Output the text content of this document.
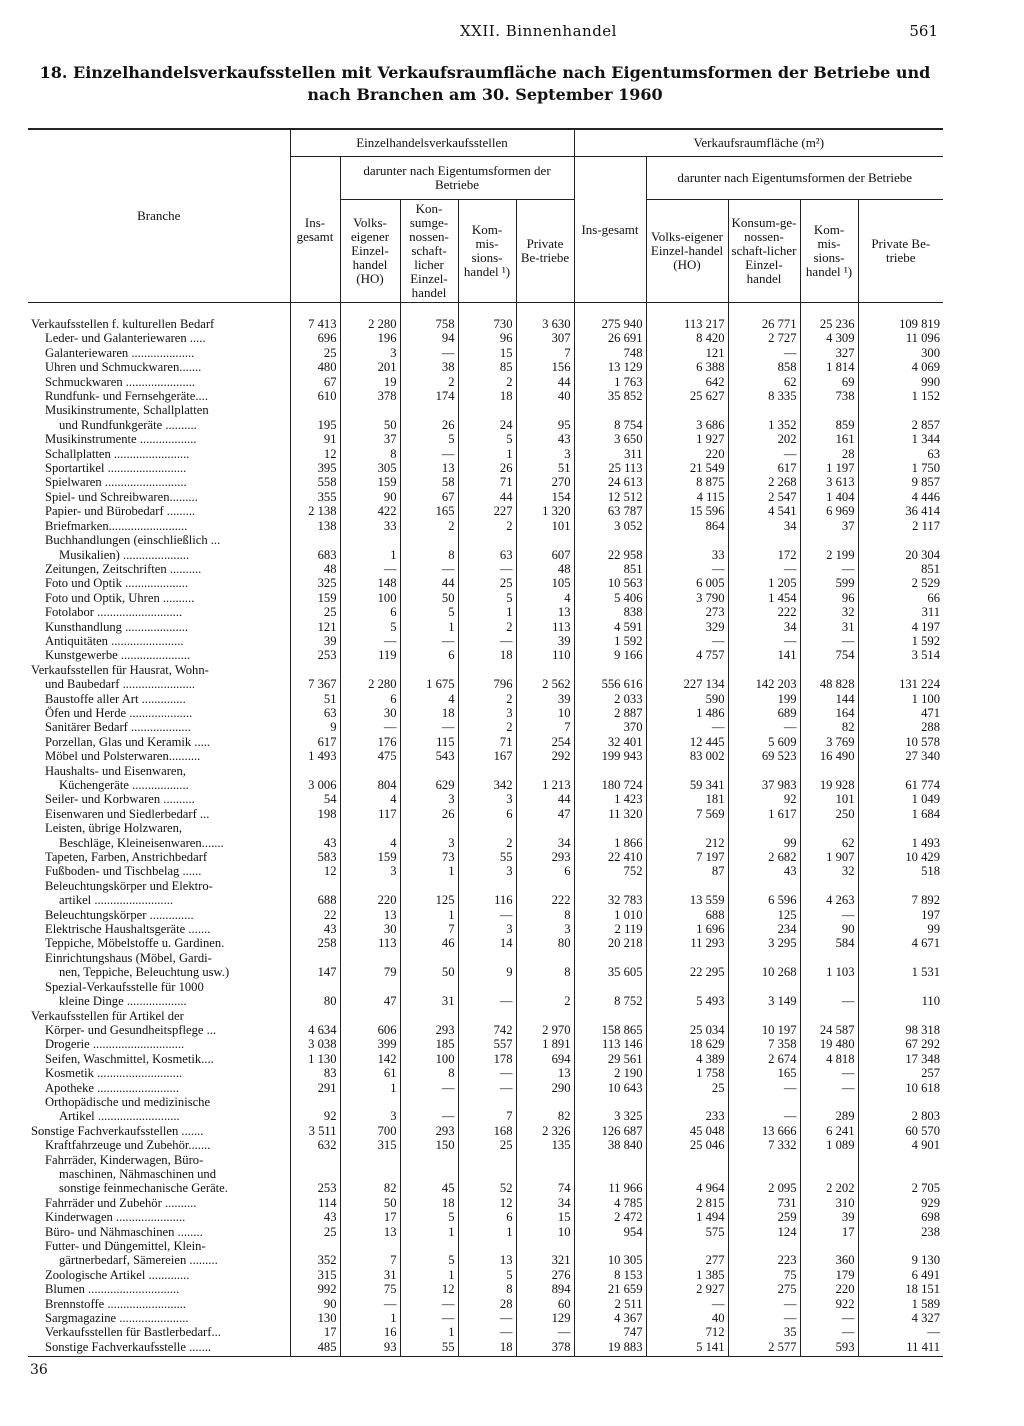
XXII. Binnenhandel	561
18. Einzelhandelsverkaufsstellen mit Verkaufsraumfläche nach Eigentumsformen der Betriebe und nach Branchen am 30. September 1960
Branche	Einzelhandelsverkaufsstellen					Verkaufsraumfläche (m²)				
	Ins-gesamt	darunter nach Eigentumsformen der Betriebe				Ins-gesamt	darunter nach Eigentumsformen der Betriebe			
		Volks-eigener Einzel-handel (HO)	Kon-sumge-nossen-schaft-licher Einzel-handel	Kom-mis-sions-handel ¹)	Private Be-triebe		Volks-eigener Einzel-handel (HO)	Konsum-ge-nossen-schaft-licher Einzel-handel	Kom-mis-sions-handel ¹)	Private Be-triebe
Verkaufsstellen f. kulturellen Bedarf	7 413	2 280	758	730	3 630	275 940	113 217	26 771	25 236	109 819
Leder- und Galanteriewaren .....	696	196	94	96	307	26 691	8 420	2 727	4 309	11 096
Galanteriewaren ....................	25	3	—	15	7	748	121	—	327	300
Uhren und Schmuckwaren.......	480	201	38	85	156	13 129	6 388	858	1 814	4 069
Schmuckwaren ......................	67	19	2	2	44	1 763	642	62	69	990
Rundfunk- und Fernsehgeräte....	610	378	174	18	40	35 852	25 627	8 335	738	1 152
Musikinstrumente, Schallplatten										
und Rundfunkgeräte ..........	195	50	26	24	95	8 754	3 686	1 352	859	2 857
Musikinstrumente ..................	91	37	5	5	43	3 650	1 927	202	161	1 344
Schallplatten ........................	12	8	—	1	3	311	220	—	28	63
Sportartikel .........................	395	305	13	26	51	25 113	21 549	617	1 197	1 750
Spielwaren ..........................	558	159	58	71	270	24 613	8 875	2 268	3 613	9 857
Spiel- und Schreibwaren.........	355	90	67	44	154	12 512	4 115	2 547	1 404	4 446
Papier- und Bürobedarf .........	2 138	422	165	227	1 320	63 787	15 596	4 541	6 969	36 414
Briefmarken.........................	138	33	2	2	101	3 052	864	34	37	2 117
Buchhandlungen (einschließlich ...										
Musikalien) .....................	683	1	8	63	607	22 958	33	172	2 199	20 304
Zeitungen, Zeitschriften ..........	48	—	—	—	48	851	—	—	—	851
Foto und Optik ....................	325	148	44	25	105	10 563	6 005	1 205	599	2 529
Foto und Optik, Uhren ..........	159	100	50	5	4	5 406	3 790	1 454	96	66
Fotolabor ...........................	25	6	5	1	13	838	273	222	32	311
Kunsthandlung ....................	121	5	1	2	113	4 591	329	34	31	4 197
Antiquitäten .......................	39	—	—	—	39	1 592	—	—	—	1 592
Kunstgewerbe ......................	253	119	6	18	110	9 166	4 757	141	754	3 514
Verkaufsstellen für Hausrat, Wohn-										
und Baubedarf .......................	7 367	2 280	1 675	796	2 562	556 616	227 134	142 203	48 828	131 224
Baustoffe aller Art ..............	51	6	4	2	39	2 033	590	199	144	1 100
Öfen und Herde ....................	63	30	18	3	10	2 887	1 486	689	164	471
Sanitärer Bedarf ...................	9	—	—	2	7	370	—	—	82	288
Porzellan, Glas und Keramik .....	617	176	115	71	254	32 401	12 445	5 609	3 769	10 578
Möbel und Polsterwaren..........	1 493	475	543	167	292	199 943	83 002	69 523	16 490	27 340
Haushalts- und Eisenwaren,										
Küchengeräte ..................	3 006	804	629	342	1 213	180 724	59 341	37 983	19 928	61 774
Seiler- und Korbwaren ..........	54	4	3	3	44	1 423	181	92	101	1 049
Eisenwaren und Siedlerbedarf ...	198	117	26	6	47	11 320	7 569	1 617	250	1 684
Leisten, übrige Holzwaren,										
Beschläge, Kleineisenwaren.......	43	4	3	2	34	1 866	212	99	62	1 493
Tapeten, Farben, Anstrichbedarf	583	159	73	55	293	22 410	7 197	2 682	1 907	10 429
Fußboden- und Tischbelag ......	12	3	1	3	6	752	87	43	32	518
Beleuchtungskörper und Elektro-										
artikel .........................	688	220	125	116	222	32 783	13 559	6 596	4 263	7 892
Beleuchtungskörper ..............	22	13	1	—	8	1 010	688	125	—	197
Elektrische Haushaltsgeräte .......	43	30	7	3	3	2 119	1 696	234	90	99
Teppiche, Möbelstoffe u. Gardinen.	258	113	46	14	80	20 218	11 293	3 295	584	4 671
Einrichtungshaus (Möbel, Gardi-										
nen, Teppiche, Beleuchtung usw.)	147	79	50	9	8	35 605	22 295	10 268	1 103	1 531
Spezial-Verkaufsstelle für 1000										
kleine Dinge ...................	80	47	31	—	2	8 752	5 493	3 149	—	110
Verkaufsstellen für Artikel der										
Körper- und Gesundheitspflege ...	4 634	606	293	742	2 970	158 865	25 034	10 197	24 587	98 318
Drogerie .............................	3 038	399	185	557	1 891	113 146	18 629	7 358	19 480	67 292
Seifen, Waschmittel, Kosmetik....	1 130	142	100	178	694	29 561	4 389	2 674	4 818	17 348
Kosmetik ...........................	83	61	8	—	13	2 190	1 758	165	—	257
Apotheke ..........................	291	1	—	—	290	10 643	25	—	—	10 618
Orthopädische und medizinische										
Artikel ..........................	92	3	—	7	82	3 325	233	—	289	2 803
Sonstige Fachverkaufsstellen .......	3 511	700	293	168	2 326	126 687	45 048	13 666	6 241	60 570
Kraftfahrzeuge und Zubehör.......	632	315	150	25	135	38 840	25 046	7 332	1 089	4 901
Fahrräder, Kinderwagen, Büro-										
maschinen, Nähmaschinen und										
sonstige feinmechanische Geräte.	253	82	45	52	74	11 966	4 964	2 095	2 202	2 705
Fahrräder und Zubehör ..........	114	50	18	12	34	4 785	2 815	731	310	929
Kinderwagen ......................	43	17	5	6	15	2 472	1 494	259	39	698
Büro- und Nähmaschinen ........	25	13	1	1	10	954	575	124	17	238
Futter- und Düngemittel, Klein-										
gärtnerbedarf, Sämereien .........	352	7	5	13	321	10 305	277	223	360	9 130
Zoologische Artikel .............	315	31	1	5	276	8 153	1 385	75	179	6 491
Blumen .............................	992	75	12	8	894	21 659	2 927	275	220	18 151
Brennstoffe .........................	90	—	—	28	60	2 511	—	—	922	1 589
Sargmagazine ......................	130	1	—	—	129	4 367	40	—	—	4 327
Verkaufsstellen für Bastlerbedarf...	17	16	1	—	—	747	712	35	—	—
Sonstige Fachverkaufsstelle .......	485	93	55	18	378	19 883	5 141	2 577	593	11 411
36
